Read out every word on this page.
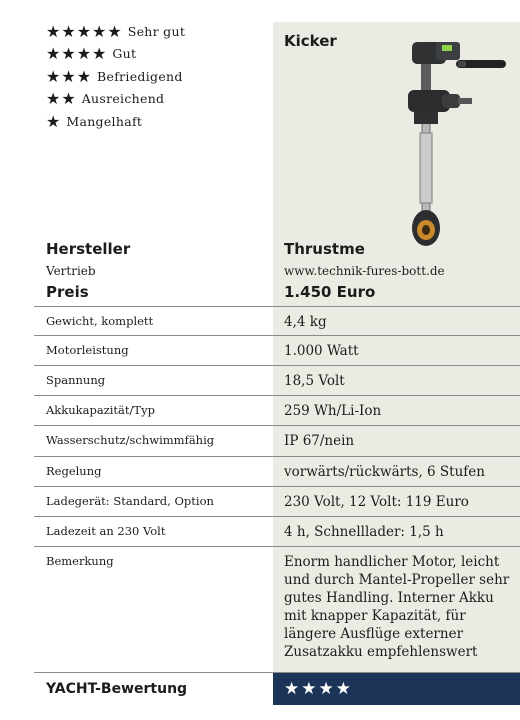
★★★★★ Sehr gut
★★★★ Gut
★★★ Befriedigend
★★ Ausreichend
★ Mangelhaft
Kicker
Hersteller	Thrustme
Vertrieb	www.technik-fures-bott.de
Preis	1.450 Euro
Gewicht, komplett	4,4 kg
Motorleistung	1.000 Watt
Spannung	18,5 Volt
Akkukapazität/Typ	259 Wh/Li-Ion
Wasserschutz/schwimmfähig	IP 67/nein
Regelung	vorwärts/rückwärts, 6 Stufen
Ladegerät: Standard, Option	230 Volt, 12 Volt: 119 Euro
Ladezeit an 230 Volt	4 h, Schnelllader: 1,5 h
Bemerkung	Enorm handlicher Motor, leicht und durch Mantel-Propeller sehr gutes Handling. Interner Akku mit knapper Kapazität, für längere Ausflüge externer Zusatzakku empfehlenswert
YACHT-Bewertung	★★★★
